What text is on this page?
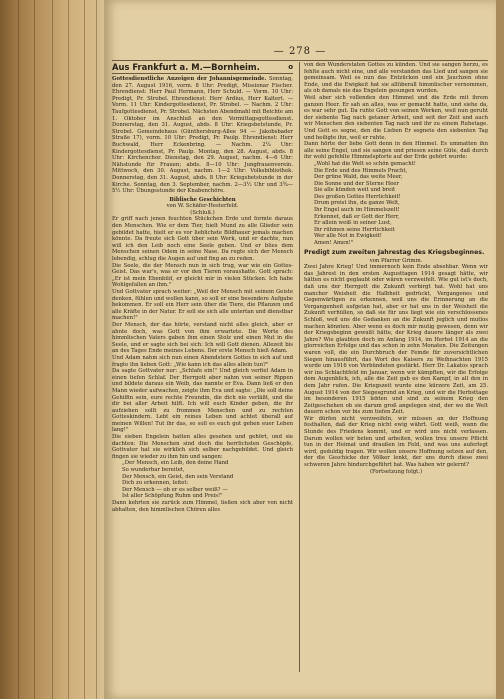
— 278 —
o
Aus Frankfurt a. M.—Bornheim.
Gottesdienstliche Anzeigen der Johannisgemeinde. Sonntag, den 27. August 1916, vorm. 8 Uhr: Predigt, Missionar Fischer. Ehrendienst: Herr Paul Hermann, Herr Schuld. — Vorm. 10 Uhr: Predigt, Pr. Strobel. Ehrendienst: Herr Ardius, Herr Kaltert. — Vorm. 11 Uhr: Kindergottesdienst, Pr. Strobel. — Nachm. 2 Uhr: Taufgottesdienst, Pr. Strobel. Nächsten Abendmahl mit Beichte am 1. Oktober im Anschluß an den Vormittagsgottesdienst. Donnerstag, den 31. August, abds. 8 Uhr: Kriegsbetstunde, Pr. Strobel. Gemeindehaus (Günthersburg-Allee 94 — Jakobsbader Straße 17), vorm. 10 Uhr: Predigt, Pr. Paulp. Ehrendienst: Herr Buchwald, Herr Eckenbring. — Nachm. 2¼ Uhr: Kindergottesdienst, Pr. Paulp. Montag, den 28. August, abds. 8 Uhr: Kirchenchor. Dienstag, den 29. August, nachm. 4—6 Uhr: Nähstunde für Frauen; abds. 8—10 Uhr: Jungfrauenverein. Mittwoch, den 30. August, nachm. 1—2 Uhr: Volksbibliothek. Donnerstag, den 31. August, abds. 8 Uhr: Kriegsbetstunde in der Kirche. Sonntag, den 3. September, nachm. 2—3½ Uhr und 3¾—5½ Uhr: Übungsstunde der Knabenchöre.
Biblische Geschichten
von W. Schäfer-Hesterfeld.
(Schluß.)
Er griff nach jenen feuchten Stückchen Erde und formte daraus den Menschen. Wie er dem Tier, hielt Mund zu alle Glieder sein gebildet hatte, hielt er es vor lieblichste Bildhauer jemals machen könnte. Da freute sich Gott über sein Werk, und er dachte, nun will ich den Leib noch eine Seele geben. Und er blies dem Menschen seinen Odem in seine Nase. Da regte sich der Mensch lebendig, schlug die Augen auf und fing an zu reden.
Die Seele, die der Mensch nun in sich trug, war wie ein Gottes-Geist. Das war's, was er vor den Tieren voraushatte. Gott sprach: „Er ist mein Ebenbild, er gleicht mir in vielen Stücken. Ich habe Wohlgefallen an ihm."
Und Gottvater sprach weiter: „Weil der Mensch mit seinem Geiste denken, fühlen und wollen kann, so soll er eine besondere Aufgabe bekommen. Er soll ein Herr sein über die Tiere, die Pflanzen und alle Kräfte in der Natur. Er soll sie sich alle untertan und dienstbar machen!"
Der Mensch, der das hörte, verstand nicht alles gleich, aber er ahnte doch, was Gott von ihm erwartete. Die Worte des himmlischen Vaters gaben ihm einen Stolz und einen Mut in die Seele, und er sagte sich bei sich: Ich will Gott dienen. Allezeit bis an des Tages Ende meines Lebens. Der erste Mensch hieß Adam.
Und Adam nahm sich nun einen Abendstern Gottes in sich auf und fragte ihn lieben Gott: „Wie kann ich das alles allein tun?"
Da sagte Gottvater nur: „Schlafe ein!" Und gleich verfiel Adam in einen tiefen Schlaf. Der Herrgott aber nahm von seiner Rippen und bildete daraus ein Weib, das nannte er Eva. Dann ließ er den Mann wieder aufwachen, zeigte ihm Eva und sagte: „Die soll deine Gehilfin sein, eure rechte Freundin, die dich nie verläßt, und die dir bei aller Arbeit hilft. Ich will euch Kinder geben, die ihr aufziehen sollt zu frommen Menschen und zu rechten Gotteskindern. Lebt ein reines Leben und achtet überall auf meinen Willen! Tut ihr das, so soll es euch gut gehen euer Leben lang!"
Die sieben Engelein hatten alles gesehen und gehört, und sie dachten: Die Menschen sind doch die herrlichsten Geschöpfe, Gottvater hat sie wirklich sich selber nachgebildet. Und gleich fingen sie wieder zu ihm hin und sangen:
„Der Mensch, ein Leib, den deine Hand
So wunderbar bereitet,
Der Mensch, ein Geist, den sein Verstand
Dich zu erkennen, leitet:
Der Mensch — ob er es selber weiß? —
Ist aller Schöpfung Ruhm und Preis!"
Dann kehrten sie zurück zum Himmel, ließen sich aber von nicht abhalten, den himmlischen Chören alles
von den Wunderstaten Gottes zu künden. Und sie sangen herzu, es fehlte auch nicht eine, und alle verstanden das Lied und sangen sie gemeinsam. Weil es nun das Entzücken und ein Jauchzen ohne Ende, und die Ewigkeit hat sie allüberall himmlischer vernommen, als ob damals nie das Engelein gesungen wurden.
Weil aber sich vollenden den Himmel und die Erde mit ihrem ganzen Heer. Er sah an alles, was er gemacht hatte, und siehe da, es war sehr gut. Da ruhte Gott von seinen Werken, weil nun geruht der siebente Tag nach getaner Arbeit, und seit der Zeit und auch wir Menschen den siebenten Tag nach und ihr zu einem Ruhetage. Und Gott es segne, den die Lieben Er segnete den siebenten Tag und heiligte ihn, weil er ruhte.
Dann hörte der liebe Gott denn in den Himmel. Es ummatten ihn alle seine Engel, und sie sangen und priesen seine Güte, daß durch ihr wohl gefehlte Himmelspforte auf der Erde gehört wurde:
„Wohl hat die Welt so schön gemacht!
Die Erde und des Himmels Pracht,
Der grüne Wald, das weite Meer,
Die Sonne und der Sterne Heer
Sie alle künden weit und breit
Des großen Gottes Herrlichkeit!
Drum preist ihn, du ganze Welt,
Ihr Engel auch im Himmelszelt!
Erkennet, daß er Gott der Herr,
Er allein weiß in seiner Lust,
Ihr rühmen seine Herrlichkeit
Wer alle Not in Ewigkeit!
Amen! Amen!"
Predigt zum zweiten Jahrestag des Kriegsbeginnes.
von Pfarrer Grimm.
Zwei Jahre Krieg! Und immernoch kein Ende absehbar. Wenn wir das Jahrest in den ersten Augusttagen 1914 gesagt hätte, wir hätten es nicht geglaubt oder wären verzweifelt. Wie gut ist's doch, daß uns der Herrgott die Zukunft verbirgt hat. Wohl hat uns mancher Weisheit die Halbheit gedrückt, Vergangenes und Gegenwärtigen zu erkennen, weil uns die Erinnerung an die Vergangenheit aufgetan hat, aber er hat uns in der Weisheit die Zukunft verhüllen, so daß sie für uns liegt wie ein verschlossenes Schloß, weil uns die Gedanken an die Zukunft jeglich und mutlos machen könnten. Aber wenn es doch mir mutig gewesen, denn wir der Kriegsbeginn gewußt hätte, der Krieg dauere länger als zwei Jahre? Wie glaubten doch im Anfang 1914, im Herbst 1914 an die glorreichen Erfolge und das schon in zehn Monaten. Die Zeitungen waren voll, die ein Durchbruch der Feinde für zuversichtlichen Siegen hinausführt, das Wort des Kaisers zu Weihnachten 1915 wurde um 1916 von Verbündeten gestärkt. Herr Dr. Lakatos sprach wir ins Schlachtfeld im Januar, wenn wir kämpften, wir die Erfolge dem Augenblick, ich, alle die Zeit gab es den Kampf, in all den in dem Jahr rufen. Die Kriegszeit wurde eine kürzere Zeit, am 25. August 1914 von der Siegesgrund an Krieg, und wir die Herbsttage im besonderen 1915 lebten und sind zu seinem Krieg den Zeitgeschehen ob sie darum groß angelegen sind, der wo die Welt dauern schon vor bis zum tiefen Zeit.
Wir dürfen nicht verzweifeln, wir müssen an der Hoffnung festhalten, daß der Krieg nicht ewig währt. Gott weiß, wann die Stunde des Friedens kommt, und er wird uns nicht verlassen. Darum wollen wir beten und arbeiten, wollen treu unsere Pflicht tun in der Heimat und draußen im Feld, und was uns auferlegt wird, geduldig tragen. Wir wollen unsere Hoffnung setzen auf den, der die Geschicke der Völker lenkt, der uns durch diese zwei schweren Jahre hindurchgeführt hat. Was haben wir gelernt?
(Fortsetzung folgt.)
